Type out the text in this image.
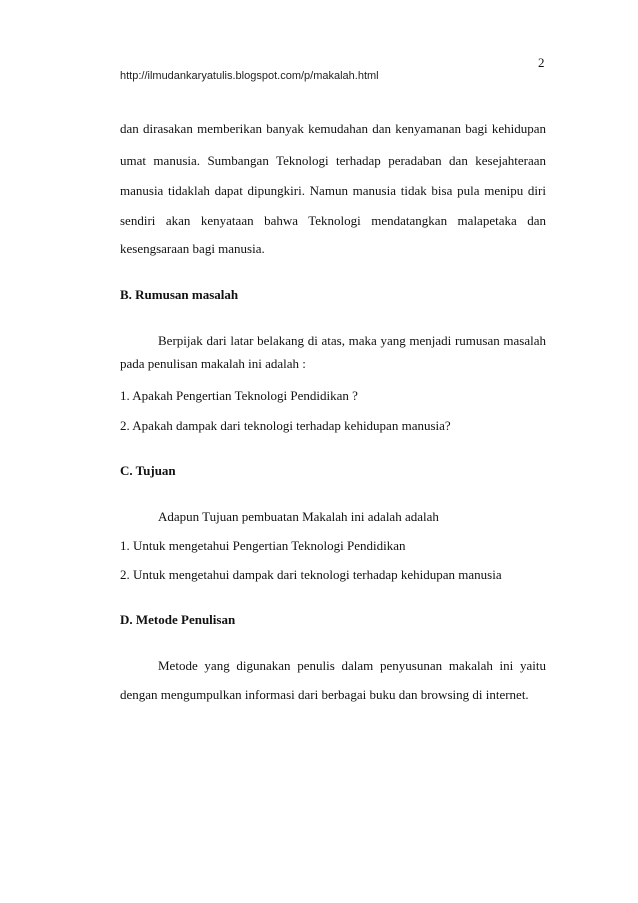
2
http://ilmudankaryatulis.blogspot.com/p/makalah.html
dan dirasakan memberikan banyak kemudahan dan kenyamanan bagi kehidupan
umat manusia. Sumbangan Teknologi terhadap peradaban dan kesejahteraan
manusia tidaklah dapat dipungkiri. Namun manusia tidak bisa pula menipu diri
sendiri akan kenyataan bahwa Teknologi mendatangkan malapetaka dan
kesengsaraan bagi manusia.
B. Rumusan masalah
Berpijak dari latar belakang di atas, maka yang menjadi rumusan masalah
pada penulisan makalah ini adalah :
1. Apakah Pengertian Teknologi Pendidikan ?
2. Apakah dampak dari teknologi terhadap kehidupan manusia?
C. Tujuan
Adapun Tujuan pembuatan Makalah ini adalah adalah
1. Untuk mengetahui Pengertian Teknologi Pendidikan
2. Untuk mengetahui dampak dari teknologi terhadap kehidupan manusia
D. Metode Penulisan
Metode yang digunakan penulis dalam penyusunan makalah ini yaitu
dengan mengumpulkan informasi dari berbagai buku dan browsing di internet.
